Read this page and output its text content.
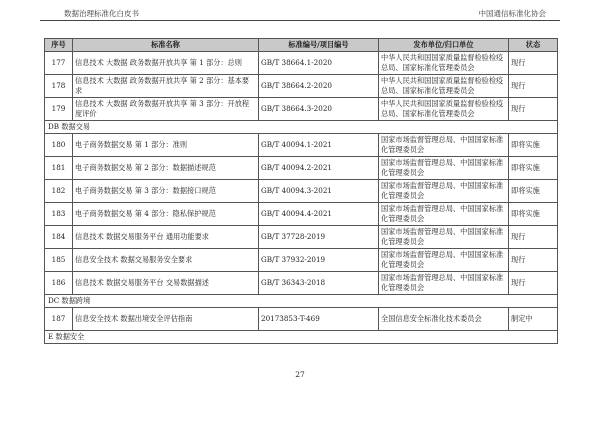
数据治理标准化白皮书	中国通信标准化协会
序号	标准名称	标准编号/项目编号	发布单位/归口单位	状态
177	信息技术 大数据 政务数据开放共享 第 1 部分：总则	GB/T 38664.1-2020	中华人民共和国国家质量监督检验检疫总局、国家标准化管理委员会	现行
178	信息技术 大数据 政务数据开放共享 第 2 部分：基本要求	GB/T 38664.2-2020	中华人民共和国国家质量监督检验检疫总局、国家标准化管理委员会	现行
179	信息技术 大数据 政务数据开放共享 第 3 部分：开放程度评价	GB/T 38664.3-2020	中华人民共和国国家质量监督检验检疫总局、国家标准化管理委员会	现行
DB 数据交易				
180	电子商务数据交易 第 1 部分：准则	GB/T 40094.1-2021	国家市场监督管理总局、中国国家标准化管理委员会	即将实施
181	电子商务数据交易 第 2 部分：数据描述规范	GB/T 40094.2-2021	国家市场监督管理总局、中国国家标准化管理委员会	即将实施
182	电子商务数据交易 第 3 部分：数据接口规范	GB/T 40094.3-2021	国家市场监督管理总局、中国国家标准化管理委员会	即将实施
183	电子商务数据交易 第 4 部分：隐私保护规范	GB/T 40094.4-2021	国家市场监督管理总局、中国国家标准化管理委员会	即将实施
184	信息技术 数据交易服务平台 通用功能要求	GB/T 37728-2019	国家市场监督管理总局、中国国家标准化管理委员会	现行
185	信息安全技术 数据交易服务安全要求	GB/T 37932-2019	国家市场监督管理总局、中国国家标准化管理委员会	现行
186	信息技术 数据交易服务平台 交易数据描述	GB/T 36343-2018	国家市场监督管理总局、中国国家标准化管理委员会	现行
DC 数据跨境				
187	信息安全技术 数据出境安全评估指南	20173853-T-469	全国信息安全标准化技术委员会	制定中
E 数据安全				
27
